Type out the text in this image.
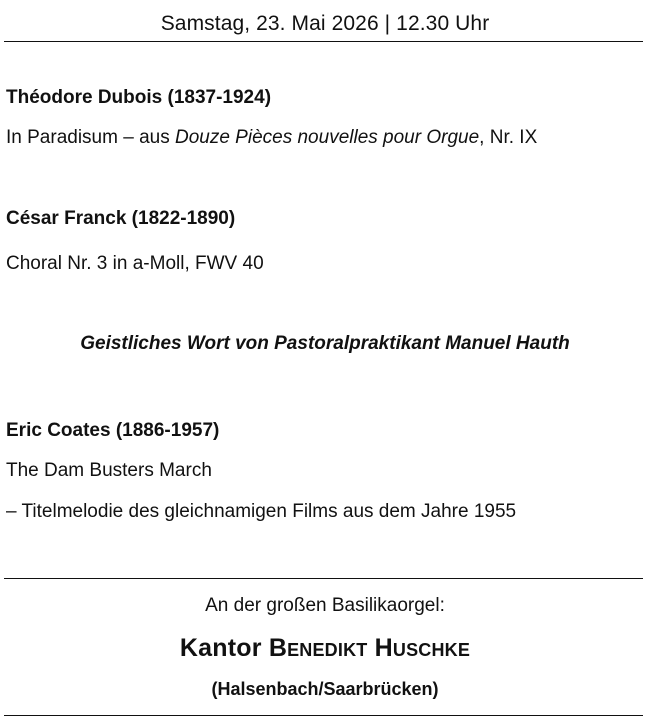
Samstag, 23. Mai 2026 | 12.30 Uhr
Théodore Dubois (1837-1924)
In Paradisum – aus Douze Pièces nouvelles pour Orgue, Nr. IX
César Franck (1822-1890)
Choral Nr. 3 in a-Moll, FWV 40
Geistliches Wort von Pastoralpraktikant Manuel Hauth
Eric Coates (1886-1957)
The Dam Busters March
– Titelmelodie des gleichnamigen Films aus dem Jahre 1955
An der großen Basilikaorgel:
Kantor Benedikt Huschke
(Halsenbach/Saarbrücken)
